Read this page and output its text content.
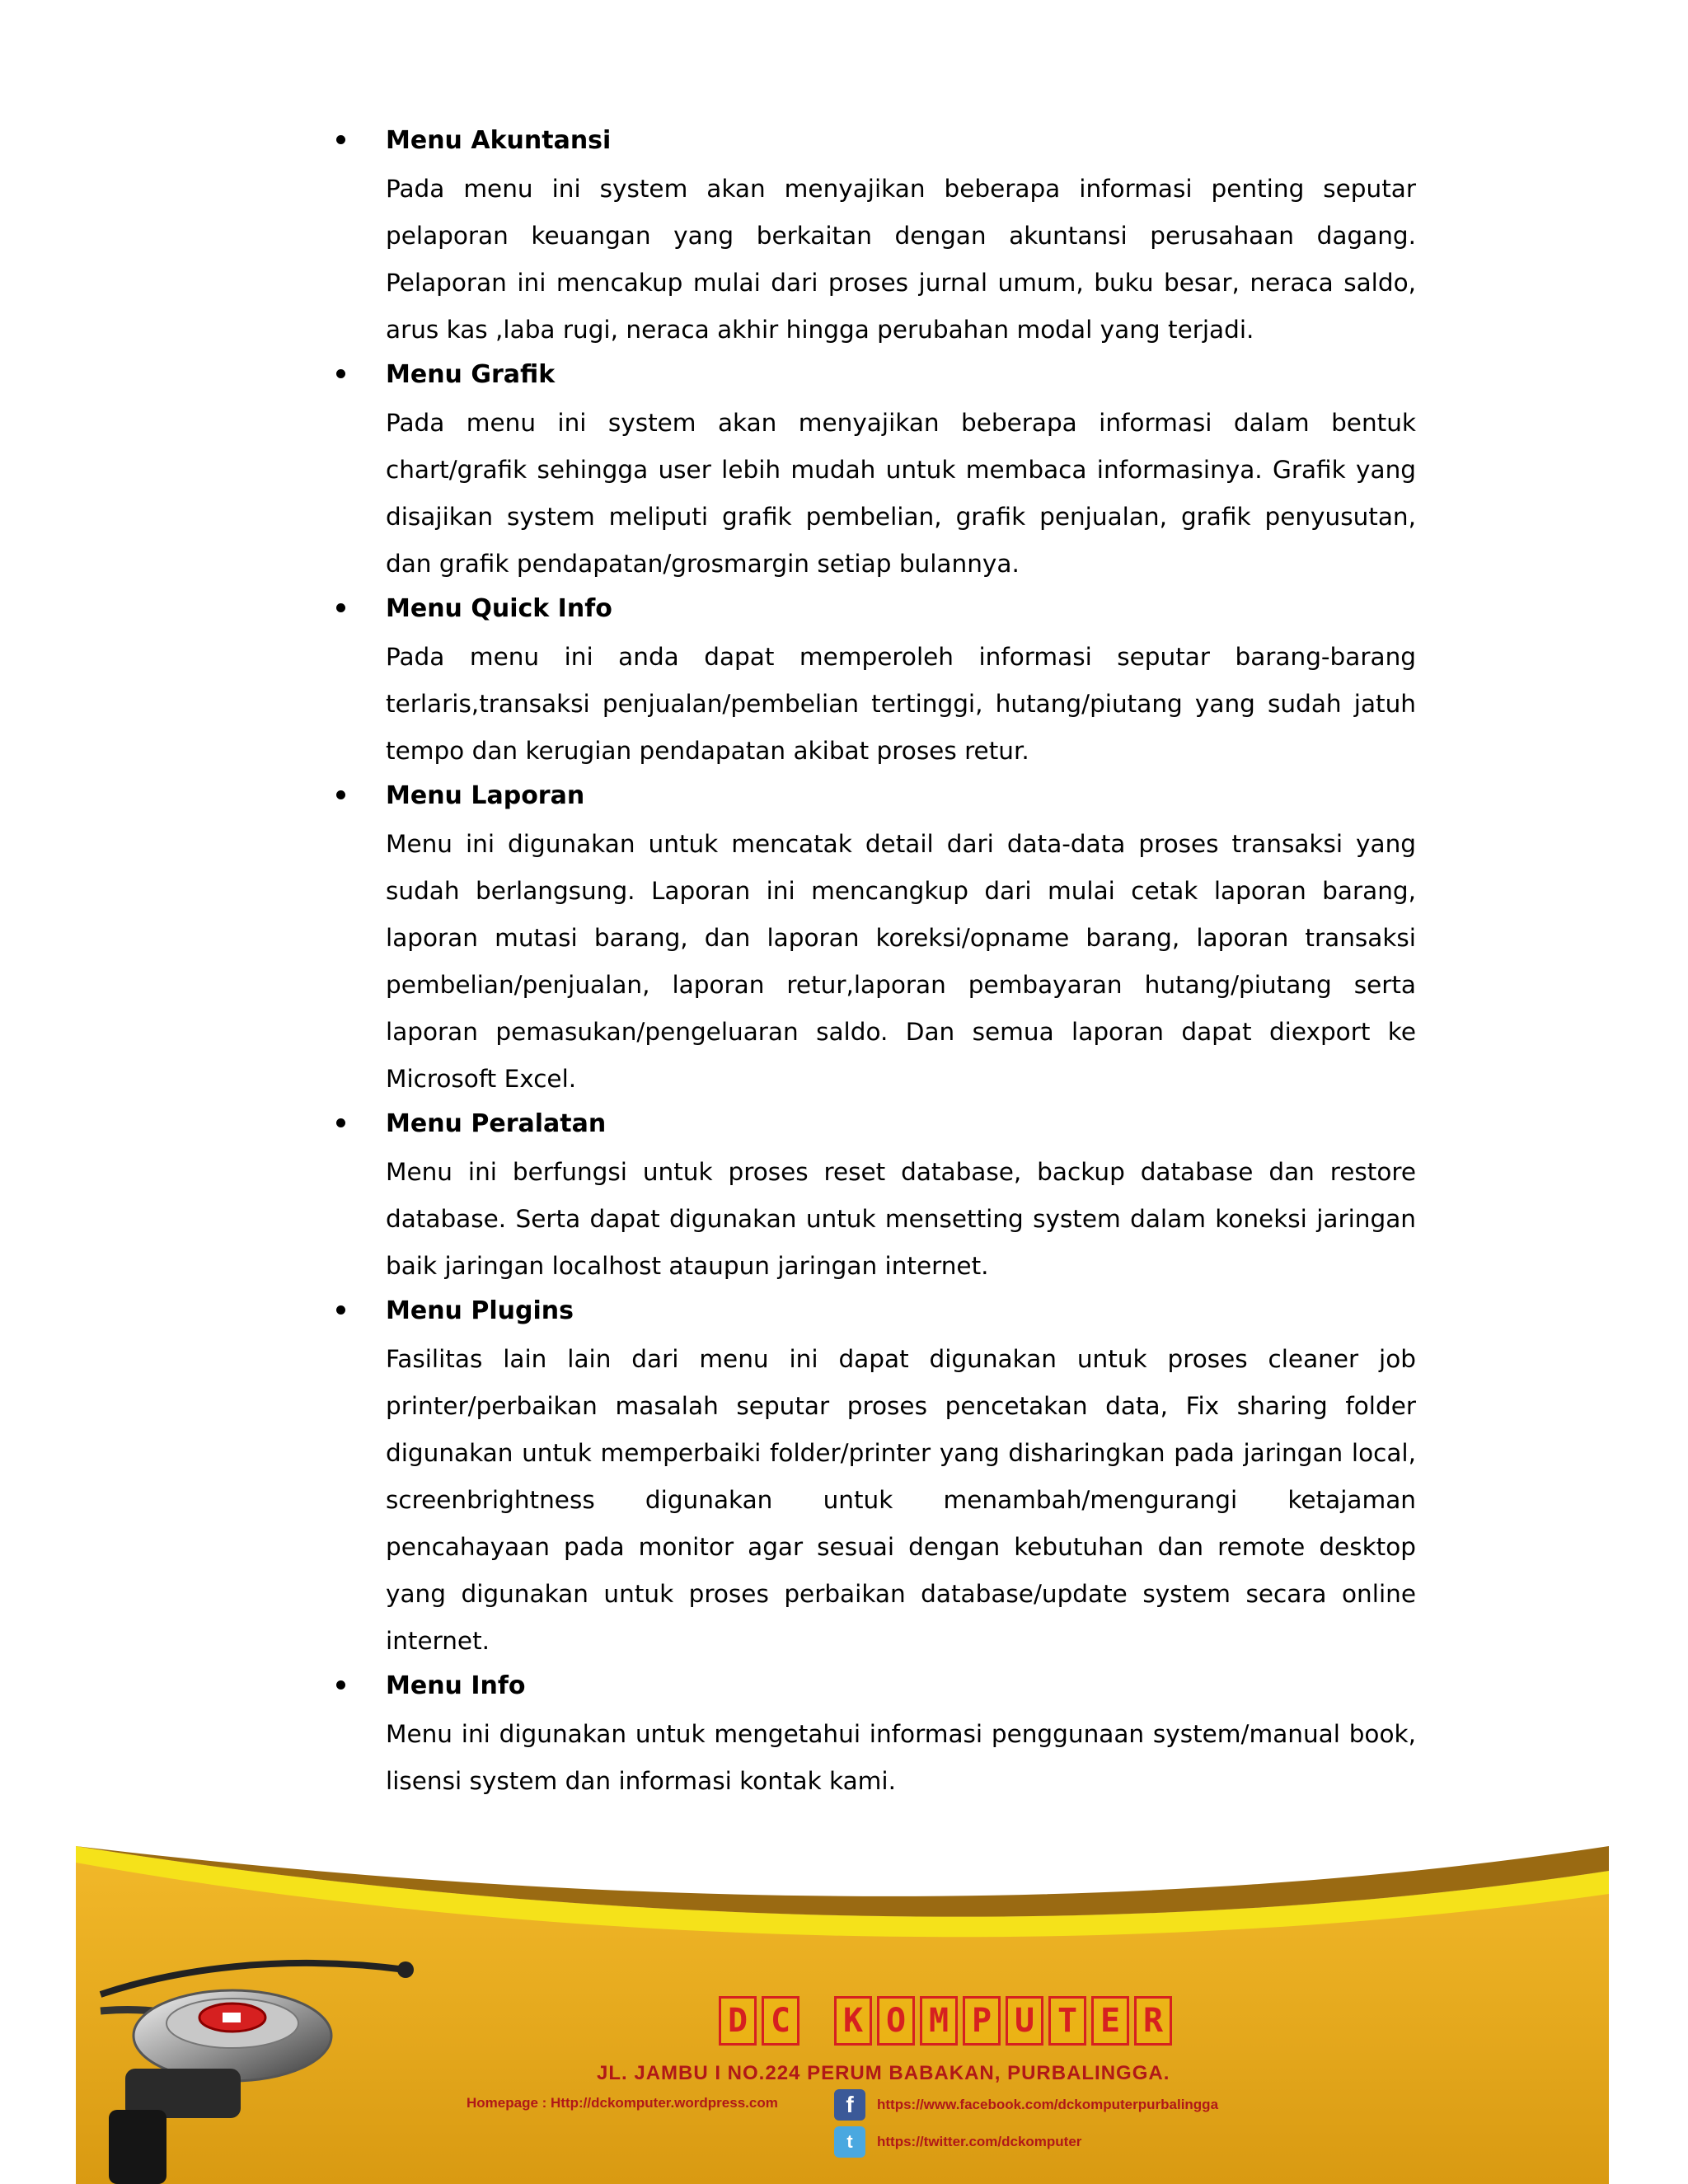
Menu Akuntansi
Pada menu ini system akan menyajikan beberapa informasi penting seputar pelaporan keuangan yang berkaitan dengan akuntansi perusahaan dagang. Pelaporan ini mencakup mulai dari proses jurnal umum, buku besar, neraca saldo, arus kas ,laba rugi, neraca akhir hingga perubahan modal yang terjadi.
Menu Grafik
Pada menu ini system akan menyajikan beberapa informasi dalam bentuk chart/grafik sehingga user lebih mudah untuk membaca informasinya. Grafik yang disajikan system meliputi grafik pembelian, grafik penjualan, grafik penyusutan, dan grafik pendapatan/grosmargin setiap bulannya.
Menu Quick Info
Pada menu ini anda dapat memperoleh informasi seputar barang-barang terlaris,transaksi penjualan/pembelian tertinggi, hutang/piutang yang sudah jatuh tempo dan kerugian pendapatan akibat proses retur.
Menu Laporan
Menu ini digunakan untuk mencatak detail dari data-data proses transaksi yang sudah berlangsung. Laporan ini mencangkup dari mulai cetak laporan barang, laporan mutasi barang, dan laporan koreksi/opname barang, laporan transaksi pembelian/penjualan, laporan retur,laporan pembayaran hutang/piutang serta laporan pemasukan/pengeluaran saldo. Dan semua laporan dapat diexport ke Microsoft Excel.
Menu Peralatan
Menu ini berfungsi untuk proses reset database, backup database dan restore database. Serta dapat digunakan untuk mensetting system dalam koneksi jaringan baik jaringan localhost ataupun jaringan internet.
Menu Plugins
Fasilitas lain lain dari menu ini dapat digunakan untuk proses cleaner job printer/perbaikan masalah seputar proses pencetakan data, Fix sharing folder digunakan untuk memperbaiki folder/printer yang disharingkan pada jaringan local, screenbrightness digunakan untuk menambah/mengurangi ketajaman pencahayaan pada monitor agar sesuai dengan kebutuhan dan remote desktop yang digunakan untuk proses perbaikan database/update system secara online internet.
Menu Info
Menu ini digunakan untuk mengetahui informasi penggunaan system/manual book, lisensi system dan informasi kontak kami.
D C K O M P U T E R
JL. JAMBU I NO.224 PERUM BABAKAN, PURBALINGGA.
Homepage : Http://dckomputer.wordpress.com	f	https://www.facebook.com/dckomputerpurbalingga
t	https://twitter.com/dckomputer
